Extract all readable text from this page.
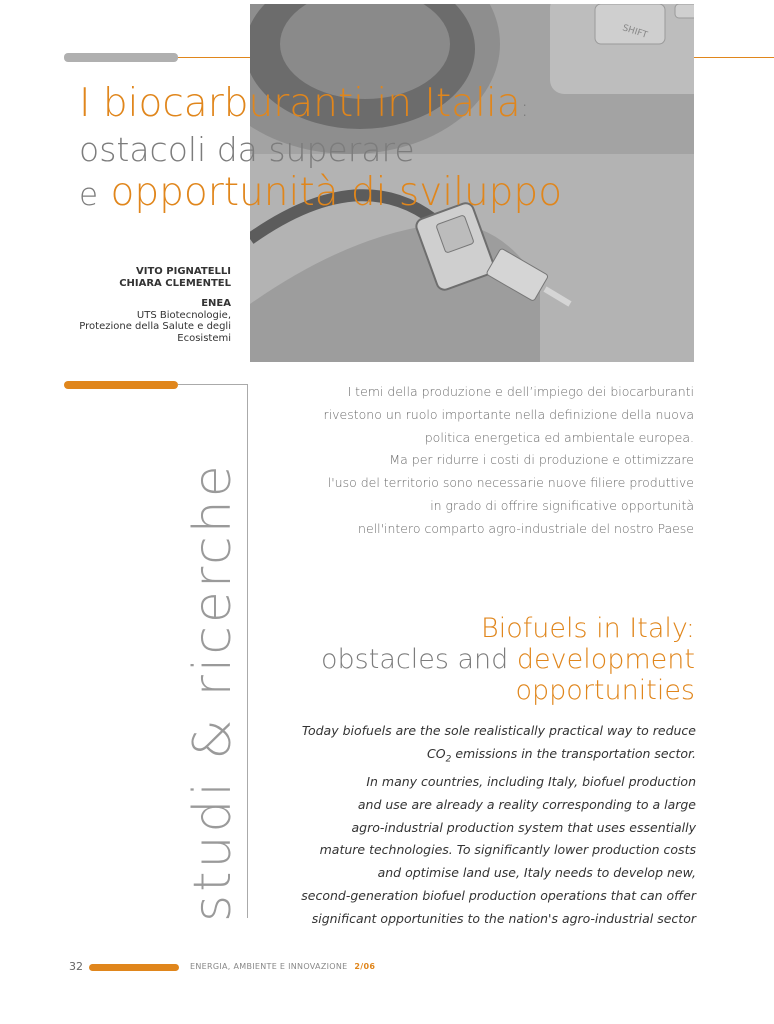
SHIFT
I biocarburanti in Italia:
ostacoli da superare
e opportunità di sviluppo
VITO PIGNATELLI
CHIARA CLEMENTEL
ENEA
UTS Biotecnologie,
Protezione della Salute e degli
Ecosistemi
studi & ricerche
I temi della produzione e dell’impiego dei biocarburanti
rivestono un ruolo importante nella definizione della nuova
politica energetica ed ambientale europea.
Ma per ridurre i costi di produzione e ottimizzare
l'uso del territorio sono necessarie nuove filiere produttive
in grado di offrire significative opportunità
nell'intero comparto agro-industriale del nostro Paese
Biofuels in Italy:
obstacles and development
opportunities
Today biofuels are the sole realistically practical way to reduce
$CO_2$ emissions in the transportation sector.
In many countries, including Italy, biofuel production
and use are already a reality corresponding to a large
agro-industrial production system that uses essentially
mature technologies. To significantly lower production costs
and optimise land use, Italy needs to develop new,
second-generation biofuel production operations that can offer
significant opportunities to the nation's agro-industrial sector
32	ENERGIA, AMBIENTE E INNOVAZIONE 2/06
